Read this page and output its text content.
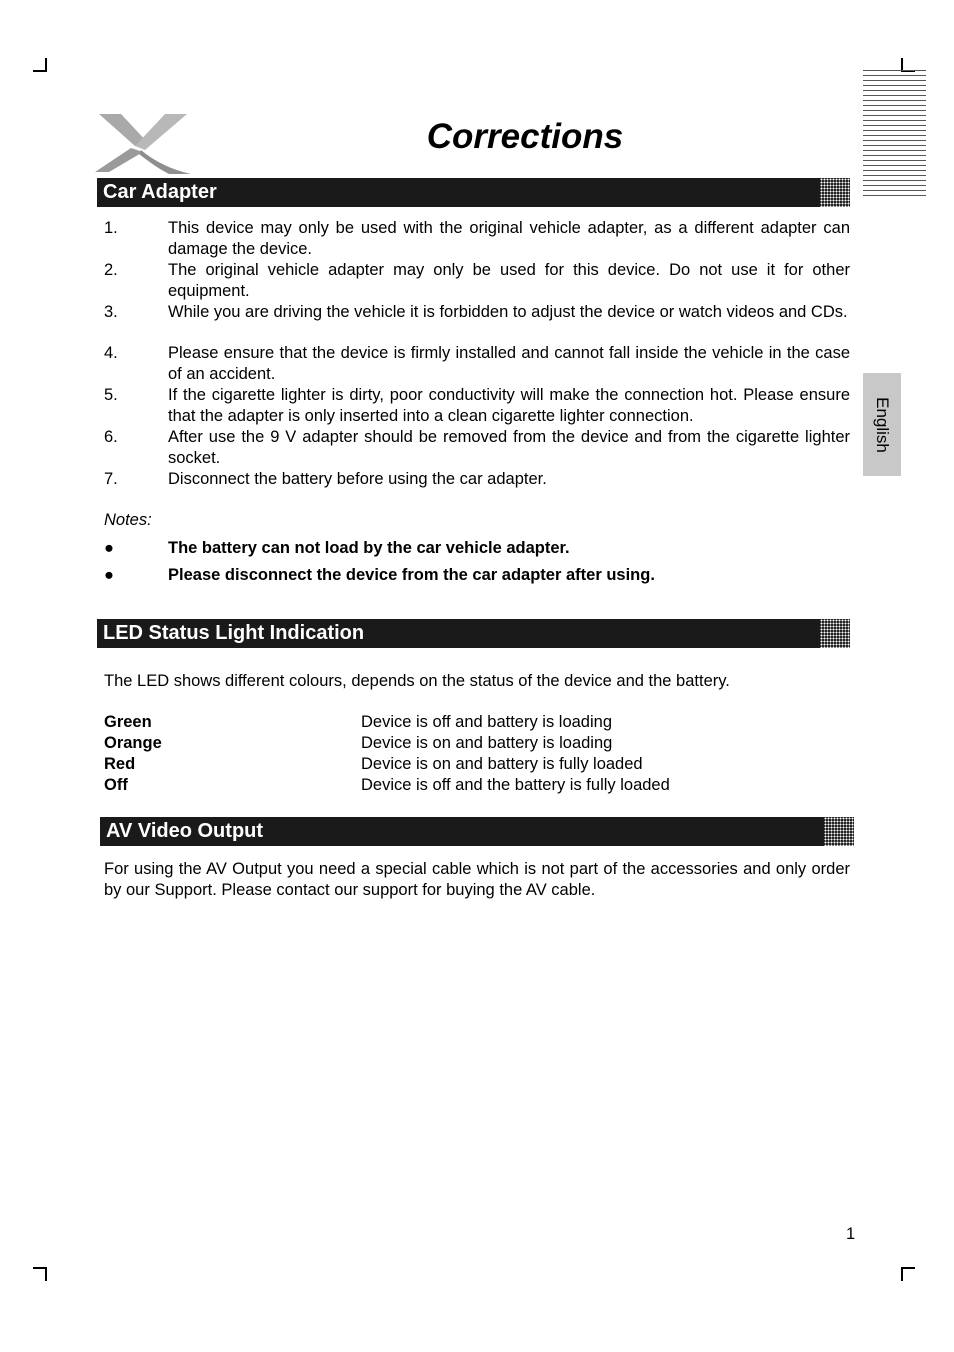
English
Corrections
Car Adapter
1.	This device may only be used with the original vehicle adapter, as a different adapter can damage the device.
2.	The original vehicle adapter may only be used for this device. Do not use it for other equipment.
3.	While you are driving the vehicle it is forbidden to adjust the device or watch videos and CDs.
4.	Please ensure that the device is firmly installed and cannot fall inside the vehicle in the case of an accident.
5.	If the cigarette lighter is dirty, poor conductivity will make the connection hot. Please ensure that the adapter is only inserted into a clean cigarette lighter connection.
6.	After use the 9 V adapter should be removed from the device and from the cigarette lighter socket.
7.	Disconnect the battery before using the car adapter.
Notes:
●	The battery can not load by the car vehicle adapter.
●	Please disconnect the device from the car adapter after using.
LED Status Light Indication
The LED shows different colours, depends on the status of the device and the battery.
Green	Device is off and battery is loading
Orange	Device is on and battery is loading
Red	Device is on and battery is fully loaded
Off	Device is off and the battery is fully loaded
AV Video Output
For using the AV Output you need a special cable which is not part of the accessories and only order by our Support. Please contact our support for buying the AV cable.
1
